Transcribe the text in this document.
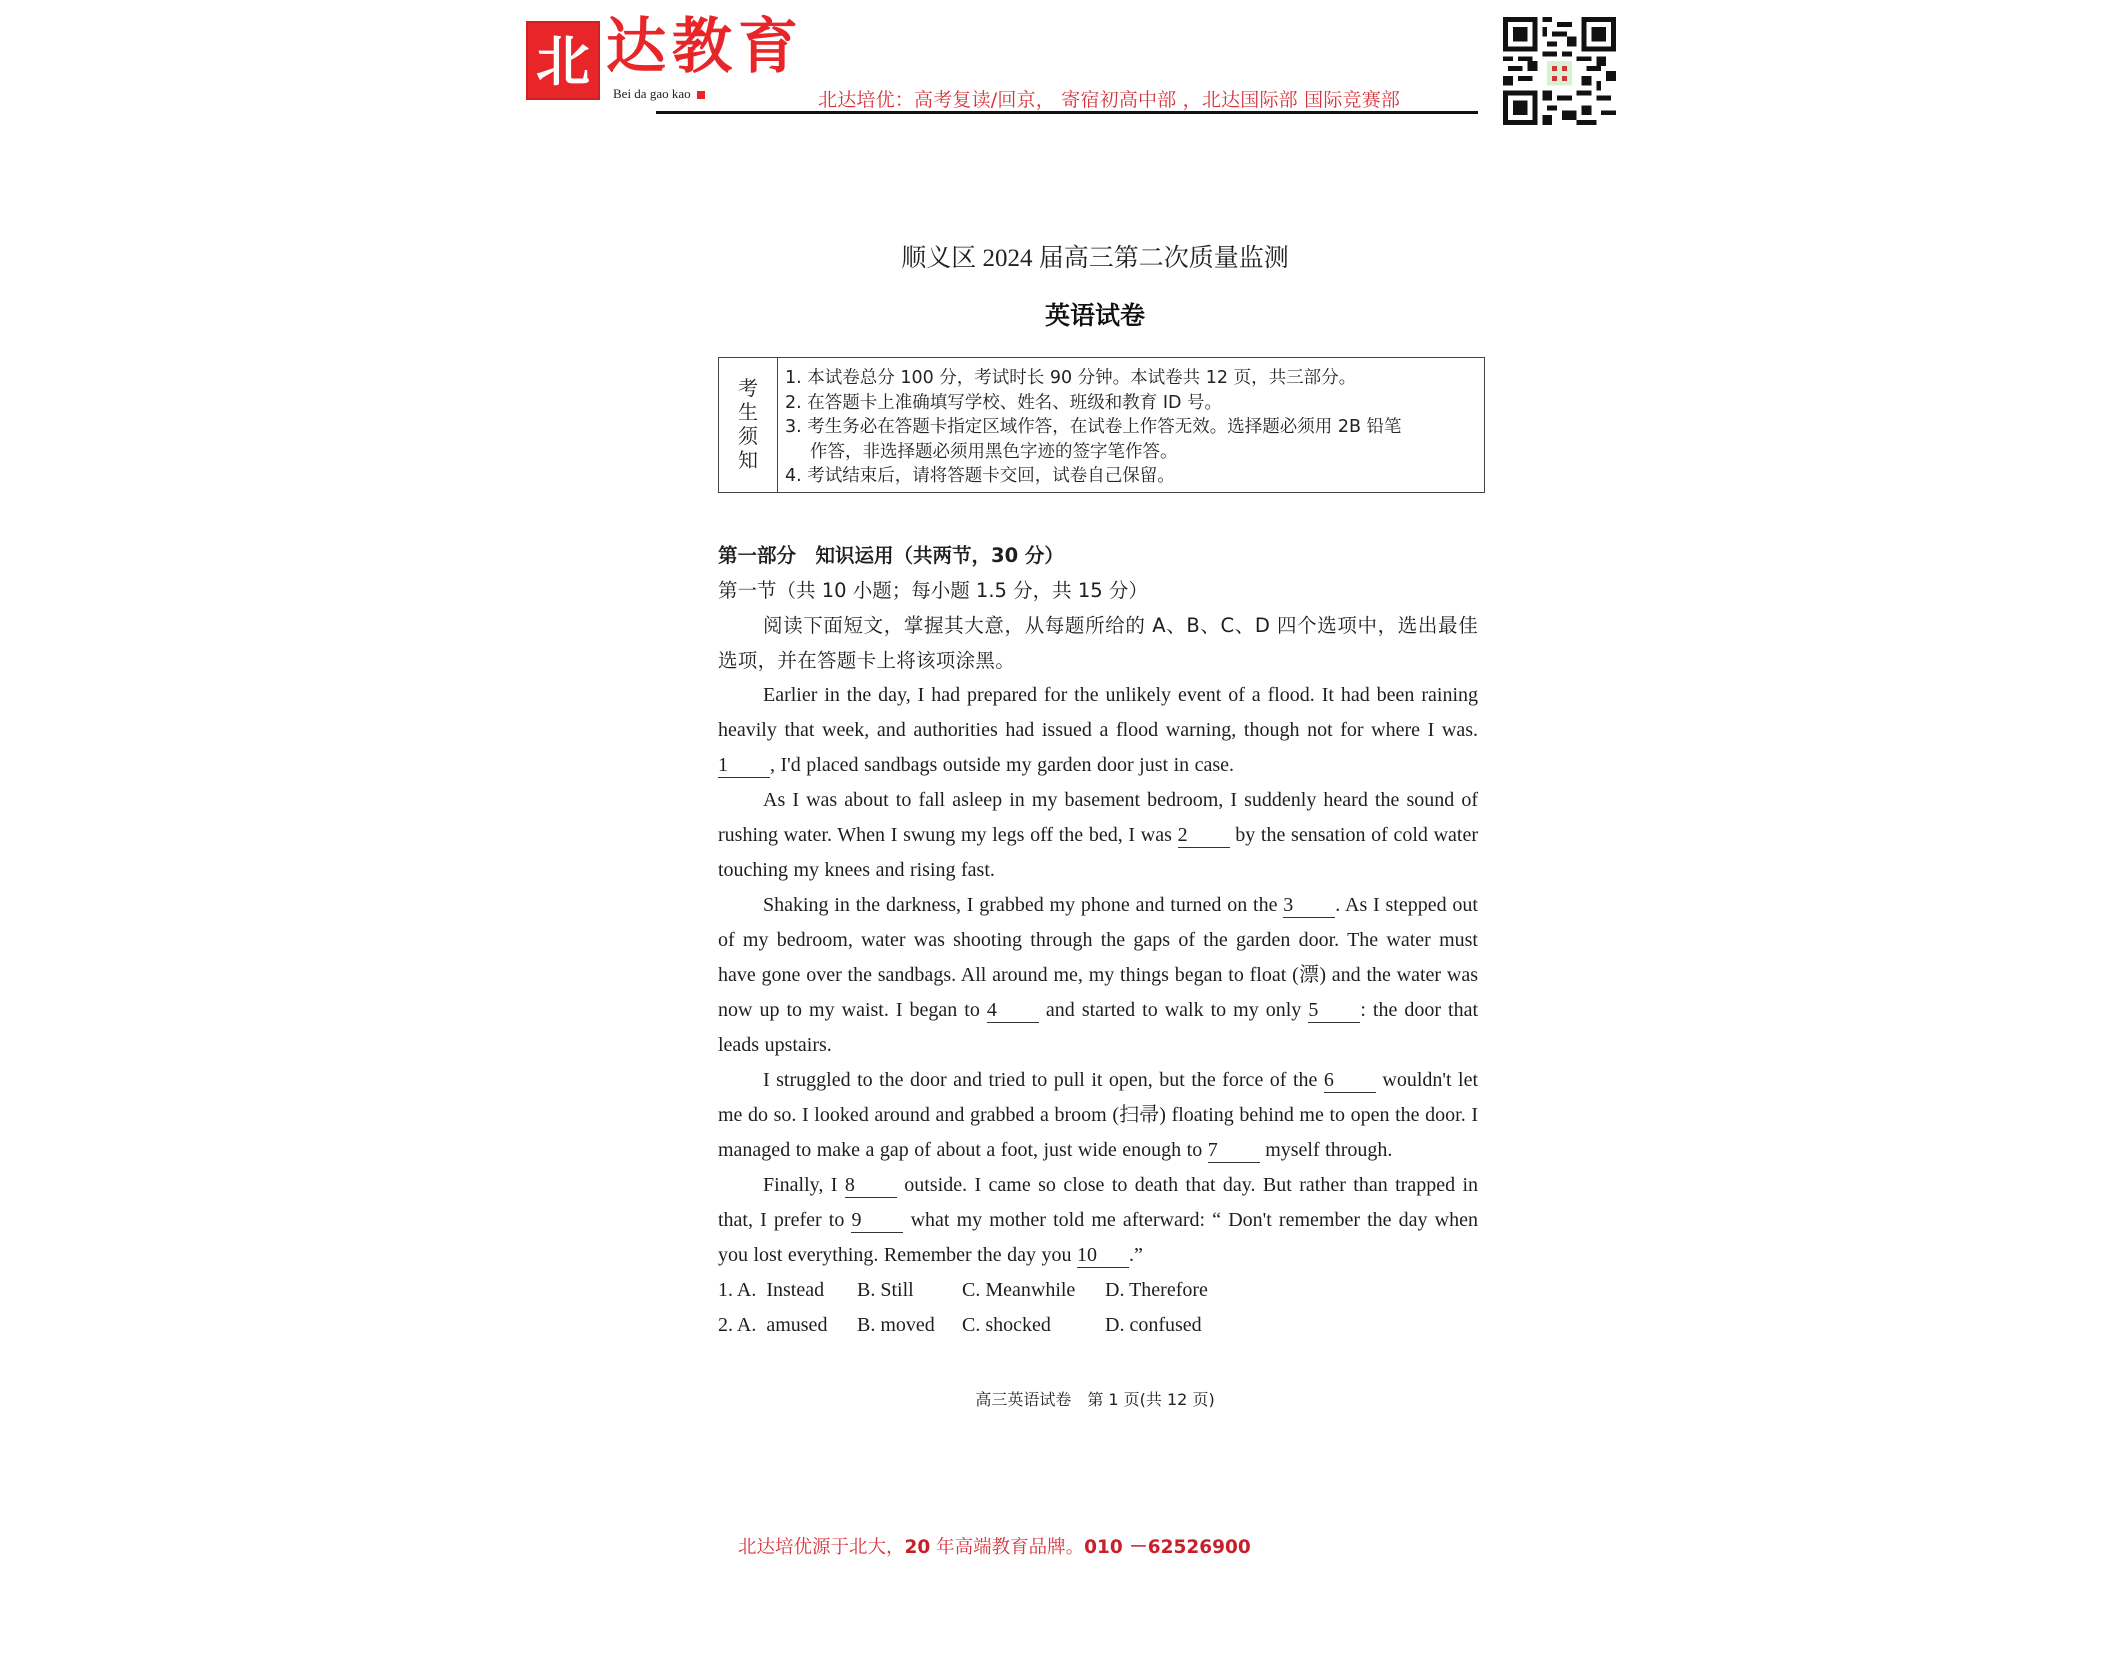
北 达教育
Bei da gao kao	北达培优：高考复读/回京， 寄宿初高中部 ，北达国际部 国际竞赛部
顺义区 2024 届高三第二次质量监测
英语试卷
考
生
须
知
1. 本试卷总分 100 分，考试时长 90 分钟。本试卷共 12 页，共三部分。
2. 在答题卡上准确填写学校、姓名、班级和教育 ID 号。
3. 考生务必在答题卡指定区域作答，在试卷上作答无效。选择题必须用 2B 铅笔
作答，非选择题必须用黑色字迹的签字笔作答。
4. 考试结束后，请将答题卡交回，试卷自己保留。
第一部分　知识运用（共两节，30 分）
第一节（共 10 小题；每小题 1.5 分，共 15 分）
阅读下面短文，掌握其大意，从每题所给的 A、B、C、D 四个选项中，选出最佳选项，并在答题卡上将该项涂黑。
Earlier in the day, I had prepared for the unlikely event of a flood. It had been raining heavily that week, and authorities had issued a flood warning, though not for where I was. 1 , I'd placed sandbags outside my garden door just in case.
As I was about to fall asleep in my basement bedroom, I suddenly heard the sound of rushing water. When I swung my legs off the bed, I was 2 by the sensation of cold water touching my knees and rising fast.
Shaking in the darkness, I grabbed my phone and turned on the 3 . As I stepped out of my bedroom, water was shooting through the gaps of the garden door. The water must have gone over the sandbags. All around me, my things began to float (漂) and the water was now up to my waist. I began to 4 and started to walk to my only 5 : the door that leads upstairs.
I struggled to the door and tried to pull it open, but the force of the 6 wouldn't let me do so. I looked around and grabbed a broom (扫帚) floating behind me to open the door. I managed to make a gap of about a foot, just wide enough to 7 myself through.
Finally, I 8 outside. I came so close to death that day. But rather than trapped in that, I prefer to 9 what my mother told me afterward: “ Don't remember the day when you lost everything. Remember the day you 10 .”
1. A. Instead	B. Still	C. Meanwhile	D. Therefore
2. A. amused	B. moved	C. shocked	D. confused
高三英语试卷　第 1 页(共 12 页)
北达培优源于北大，20 年高端教育品牌。010 －62526900
